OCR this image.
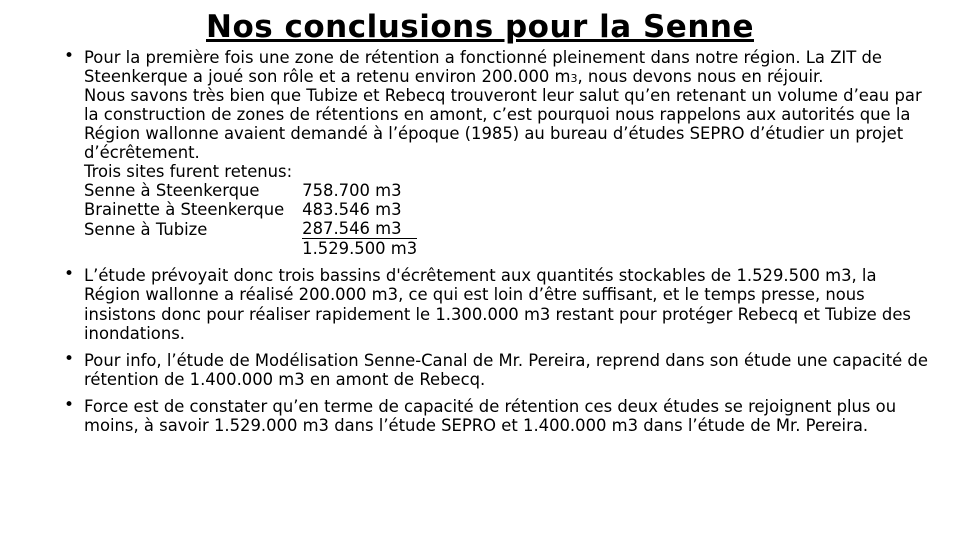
Nos conclusions pour la Senne

• Pour la première fois une zone de rétention a fonctionné pleinement dans notre région. La ZIT de Steenkerque a joué son rôle et a retenu environ 200.000 m3, nous devons nous en réjouir.

Nous savons très bien que Tubize et Rebecq trouveront leur salut qu’en retenant un volume d’eau par la construction de zones de rétentions en amont, c’est pourquoi nous rappelons aux autorités que la Région wallonne avaient demandé à l’époque (1985) au bureau d’études SEPRO d’étudier un projet d’écrêtement.

Trois sites furent retenus:

Senne à Steenkerque	758.700 m3
Brainette à Steenkerque	483.546 m3
Senne à Tubize	287.546 m3
	1.529.500 m3

• L’étude prévoyait donc trois bassins d'écrêtement aux quantités stockables de 1.529.500 m3, la Région wallonne a réalisé 200.000 m3, ce qui est loin d’être suffisant, et le temps presse, nous insistons donc pour réaliser rapidement le 1.300.000 m3 restant pour protéger Rebecq et Tubize des inondations.

• Pour info, l’étude de Modélisation Senne-Canal de Mr. Pereira, reprend dans son étude une capacité de rétention de 1.400.000 m3 en amont de Rebecq.

• Force est de constater qu’en terme de capacité de rétention ces deux études se rejoignent plus ou moins, à savoir 1.529.000 m3 dans l’étude SEPRO et 1.400.000 m3 dans l’étude de Mr. Pereira.
